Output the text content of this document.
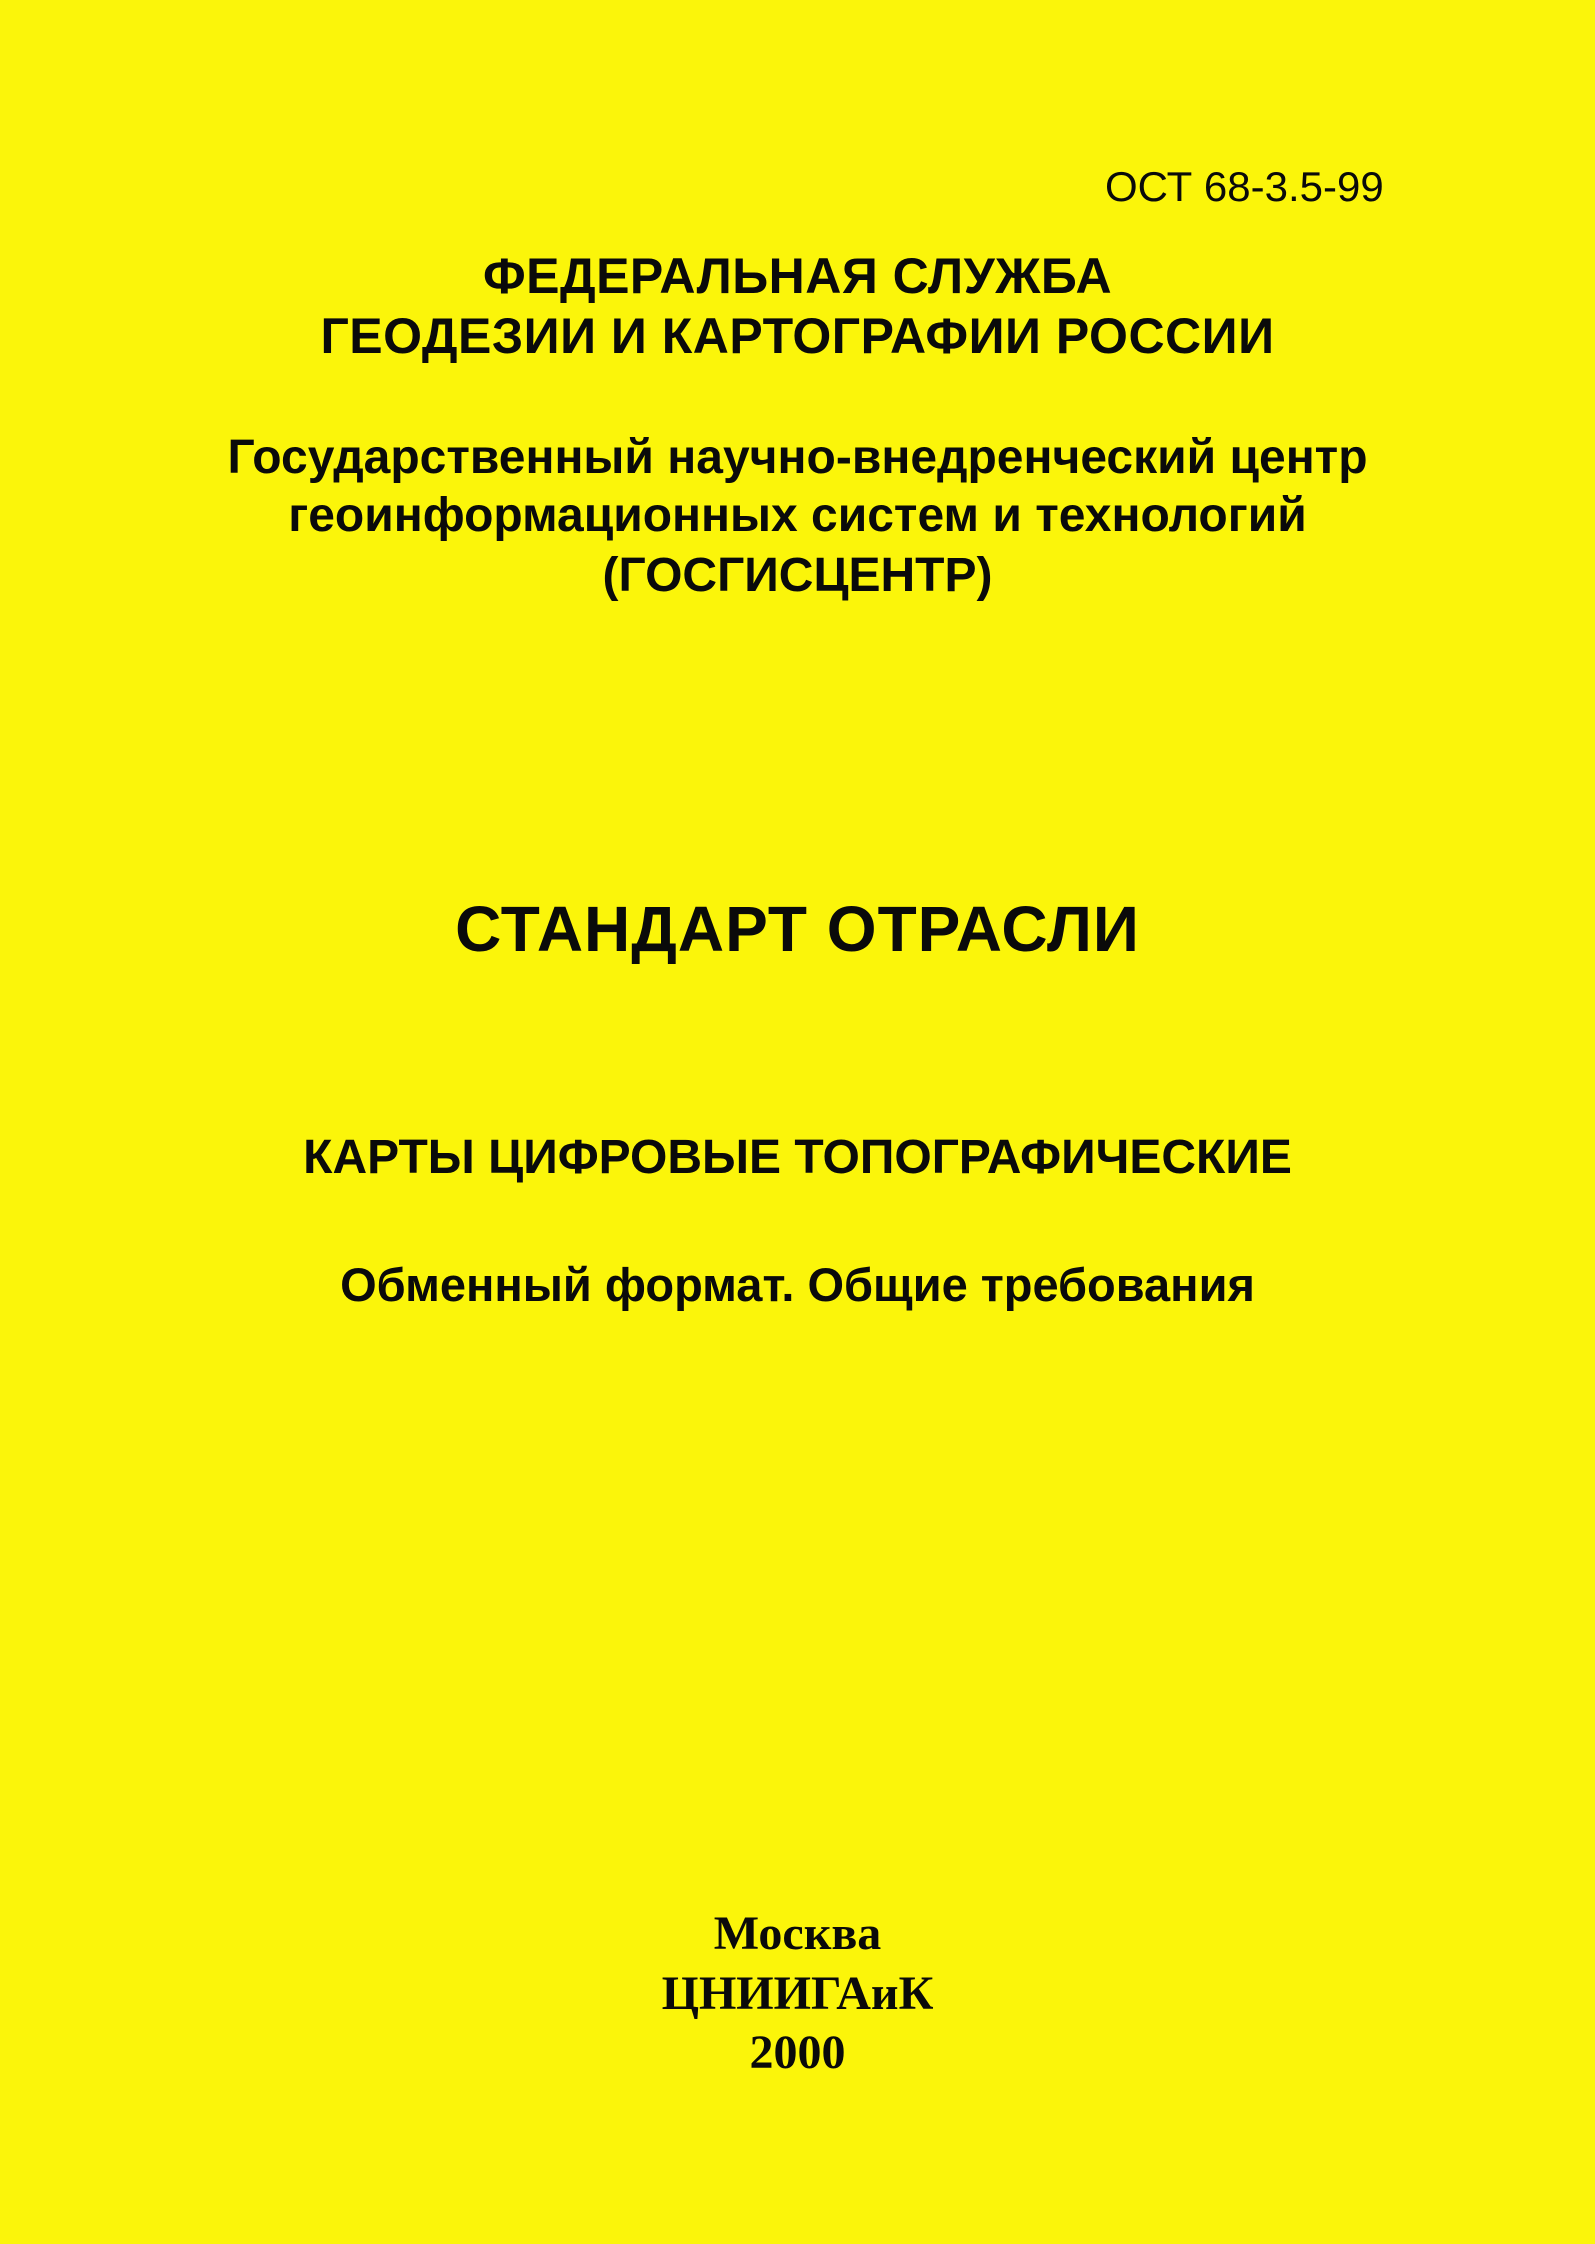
ОСТ 68-3.5-99
ФЕДЕРАЛЬНАЯ СЛУЖБА
ГЕОДЕЗИИ И КАРТОГРАФИИ РОССИИ
Государственный научно-внедренческий центр
геоинформационных систем и технологий
(ГОСГИСЦЕНТР)
СТАНДАРТ ОТРАСЛИ
КАРТЫ ЦИФРОВЫЕ ТОПОГРАФИЧЕСКИЕ
Обменный формат. Общие требования
Москва
ЦНИИГАиК
2000
